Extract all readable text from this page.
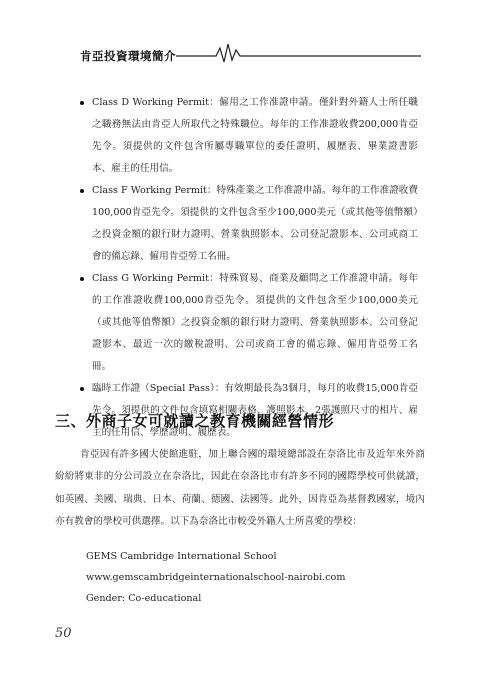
肯亞投資環境簡介

Class D Working Permit：僱用之工作准證申請。僅針對外籍人士所任職之職務無法由肯亞人所取代之特殊職位。每年的工作准證收費200,000肯亞先令。須提供的文件包含所屬專職單位的委任證明、履歷表、畢業證書影本、雇主的任用信。

Class F Working Permit：特殊產業之工作准證申請。每年的工作准證收費100,000肯亞先令。須提供的文件包含至少100,000美元（或其他等值幣額）之投資金額的銀行財力證明、營業執照影本、公司登記證影本、公司或商工會的備忘錄、僱用肯亞勞工名冊。

Class G Working Permit：特殊貿易、商業及顧問之工作准證申請。每年的工作准證收費100,000肯亞先令。須提供的文件包含至少100,000美元（或其他等值幣額）之投資金額的銀行財力證明、營業執照影本、公司登記證影本、最近一次的繳稅證明、公司或商工會的備忘錄、僱用肯亞勞工名冊。

臨時工作證（Special Pass）：有效期最長為3個月，每月的收費15,000肯亞先令。須提供的文件包含填寫相關表格、護照影本、2張護照尺寸的相片、雇主的任用信、學歷證明、履歷表。

三、外商子女可就讀之教育機關經營情形
肯亞因有許多國大使館進駐，加上聯合國的環境總部設在奈洛比市及近年來外商紛紛將東非的分公司設立在奈洛比，因此在奈洛比市有許多不同的國際學校可供就讀，如英國、美國、瑞典、日本、荷蘭、德國、法國等。此外，因肯亞為基督教國家，境內亦有教會的學校可供選擇。以下為奈洛比市較受外籍人士所喜愛的學校：
GEMS Cambridge International School
www.gemscambridgeinternationalschool-nairobi.com
Gender: Co-educational
50
